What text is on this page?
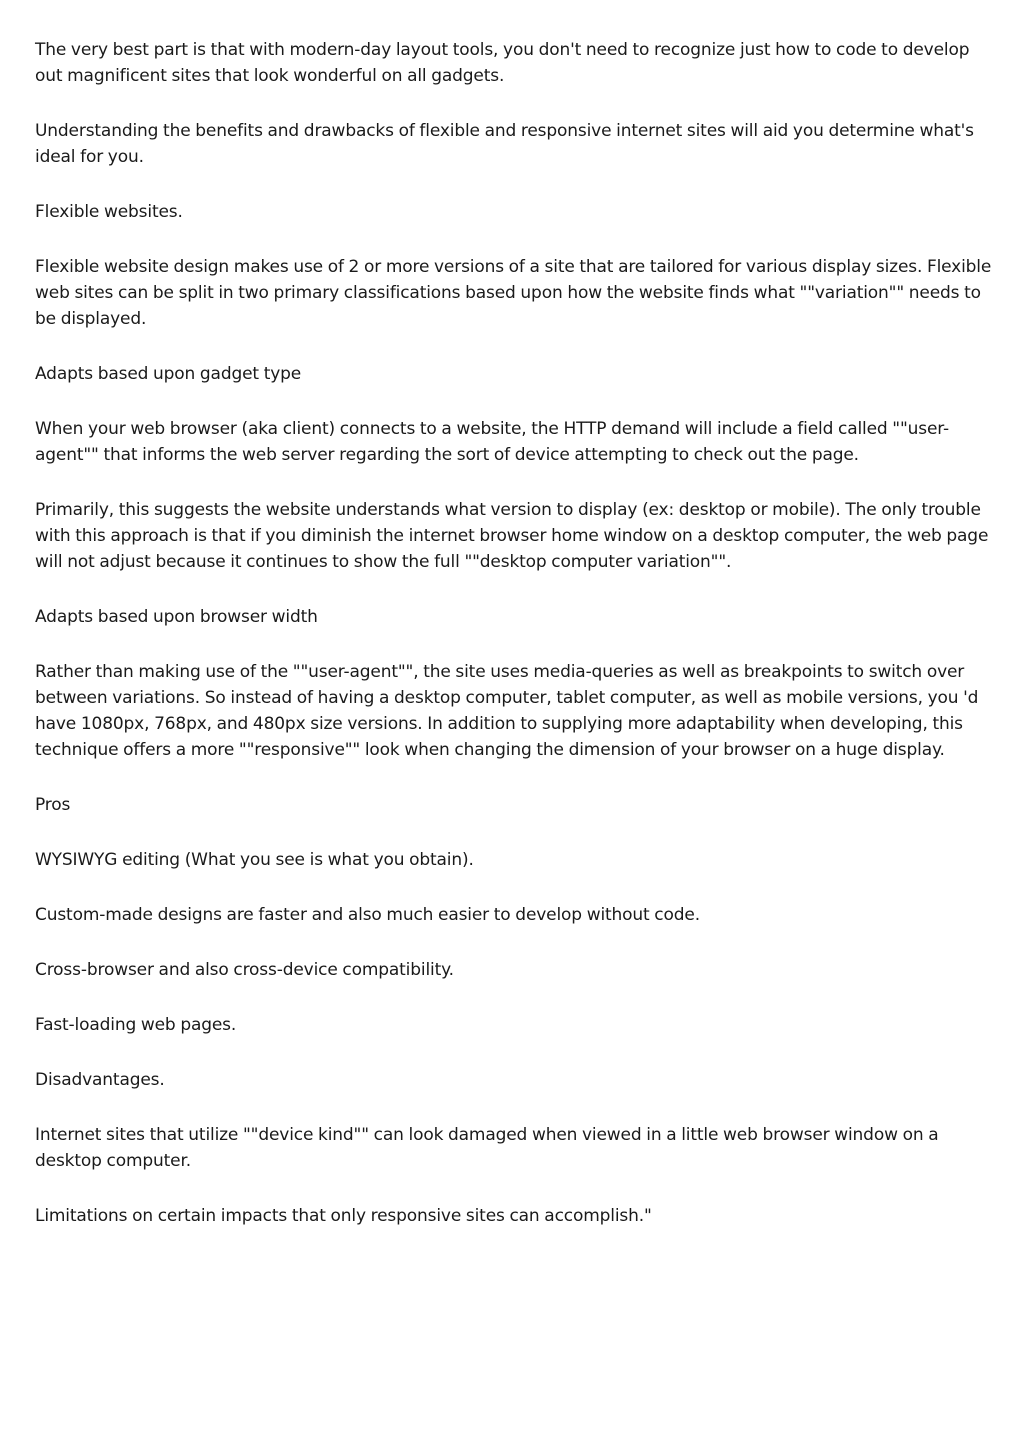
The very best part is that with modern-day layout tools, you don't need to recognize just how to code to develop out magnificent sites that look wonderful on all gadgets.

Understanding the benefits and drawbacks of flexible and responsive internet sites will aid you determine what's ideal for you.

Flexible websites.

Flexible website design makes use of 2 or more versions of a site that are tailored for various display sizes. Flexible web sites can be split in two primary classifications based upon how the website finds what ""variation"" needs to be displayed.

Adapts based upon gadget type

When your web browser (aka client) connects to a website, the HTTP demand will include a field called ""user-agent"" that informs the web server regarding the sort of device attempting to check out the page.

Primarily, this suggests the website understands what version to display (ex: desktop or mobile). The only trouble with this approach is that if you diminish the internet browser home window on a desktop computer, the web page will not adjust because it continues to show the full ""desktop computer variation"".

Adapts based upon browser width

Rather than making use of the ""user-agent"", the site uses media-queries as well as breakpoints to switch over between variations. So instead of having a desktop computer, tablet computer, as well as mobile versions, you 'd have 1080px, 768px, and 480px size versions. In addition to supplying more adaptability when developing, this technique offers a more ""responsive"" look when changing the dimension of your browser on a huge display.

Pros

WYSIWYG editing (What you see is what you obtain).

Custom-made designs are faster and also much easier to develop without code.

Cross-browser and also cross-device compatibility.

Fast-loading web pages.

Disadvantages.

Internet sites that utilize ""device kind"" can look damaged when viewed in a little web browser window on a desktop computer.

Limitations on certain impacts that only responsive sites can accomplish."
